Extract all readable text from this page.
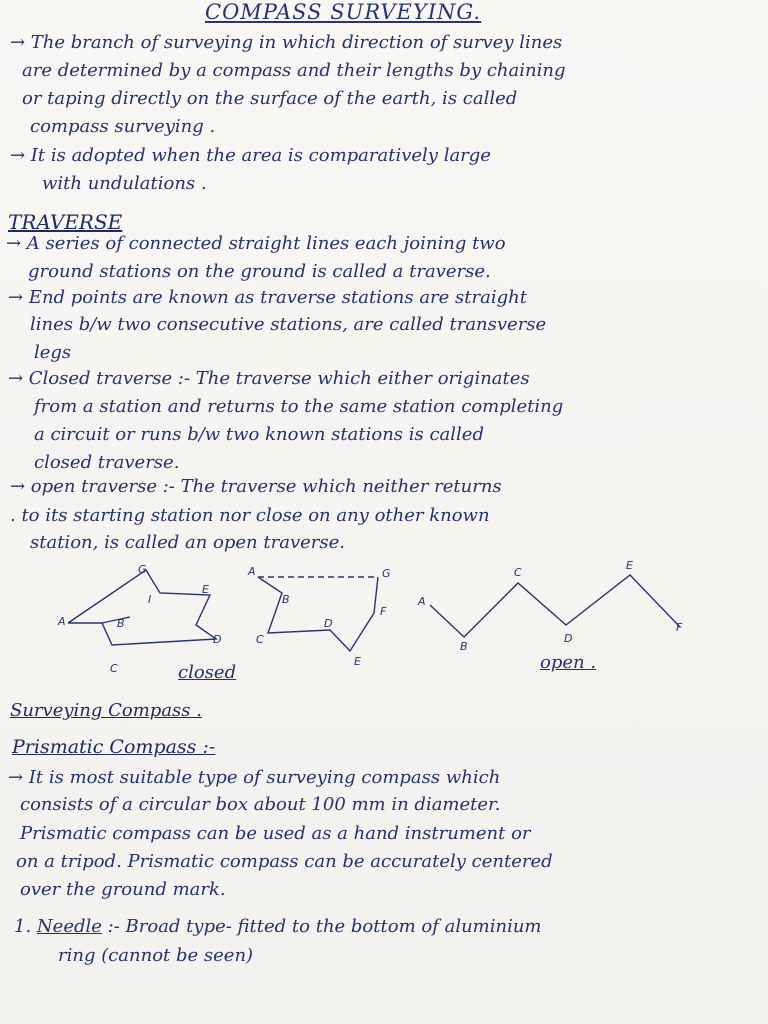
COMPASS SURVEYING.
→ The branch of surveying in which direction of survey lines
are determined by a compass and their lengths by chaining
or taping directly on the surface of the earth, is called
compass surveying .
→ It is adopted when the area is comparatively large
with undulations .
TRAVERSE
→ A series of connected straight lines each joining two
ground stations on the ground is called a traverse.
→ End points are known as traverse stations are straight
lines b/w two consecutive stations, are called transverse
legs
→ Closed traverse :- The traverse which either originates
from a station and returns to the same station completing
a circuit or runs b/w two known stations is called
closed traverse.
→ open traverse :- The traverse which neither returns
. to its starting station nor close on any other known
station, is called an open traverse.
A	B
C
D
E
G
I
A
B
C
D
E
F
G
A
B
C
D
E
F
closed	open .
Surveying Compass .
Prismatic Compass :-
→ It is most suitable type of surveying compass which
consists of a circular box about 100 mm in diameter.
Prismatic compass can be used as a hand instrument or
on a tripod. Prismatic compass can be accurately centered
over the ground mark.
1. Needle :- Broad type- fitted to the bottom of aluminium
ring (cannot be seen)
